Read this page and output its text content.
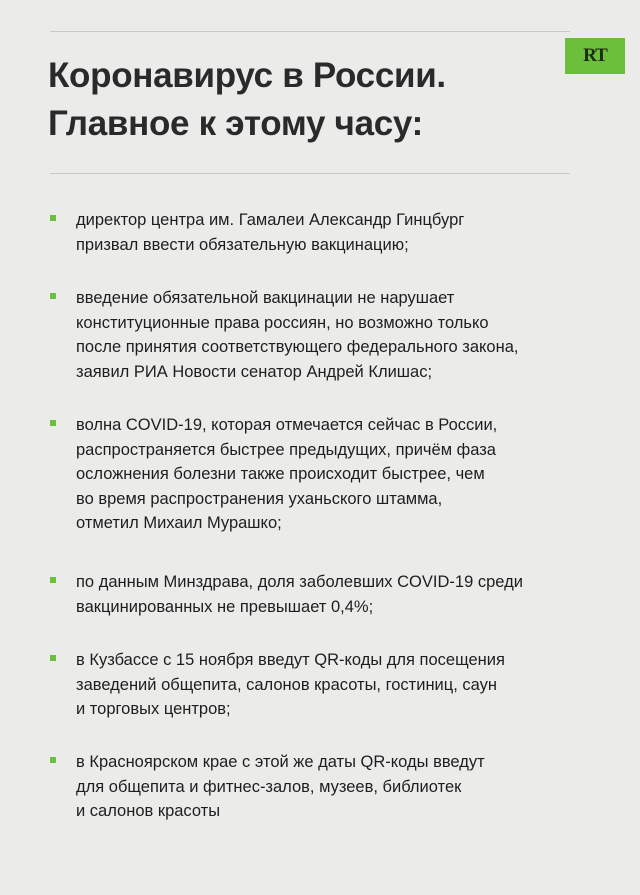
RT
Коронавирус в России.
Главное к этому часу:
директор центра им. Гамалеи Александр Гинцбург
призвал ввести обязательную вакцинацию;
введение обязательной вакцинации не нарушает
конституционные права россиян, но возможно только
после принятия соответствующего федерального закона,
заявил РИА Новости сенатор Андрей Клишас;
волна COVID-19, которая отмечается сейчас в России,
распространяется быстрее предыдущих, причём фаза
осложнения болезни также происходит быстрее, чем
во время распространения уханьского штамма,
отметил Михаил Мурашко;
по данным Минздрава, доля заболевших COVID-19 среди
вакцинированных не превышает 0,4%;
в Кузбассе с 15 ноября введут QR-коды для посещения
заведений общепита, салонов красоты, гостиниц, саун
и торговых центров;
в Красноярском крае с этой же даты QR-коды введут
для общепита и фитнес-залов, музеев, библиотек
и салонов красоты
